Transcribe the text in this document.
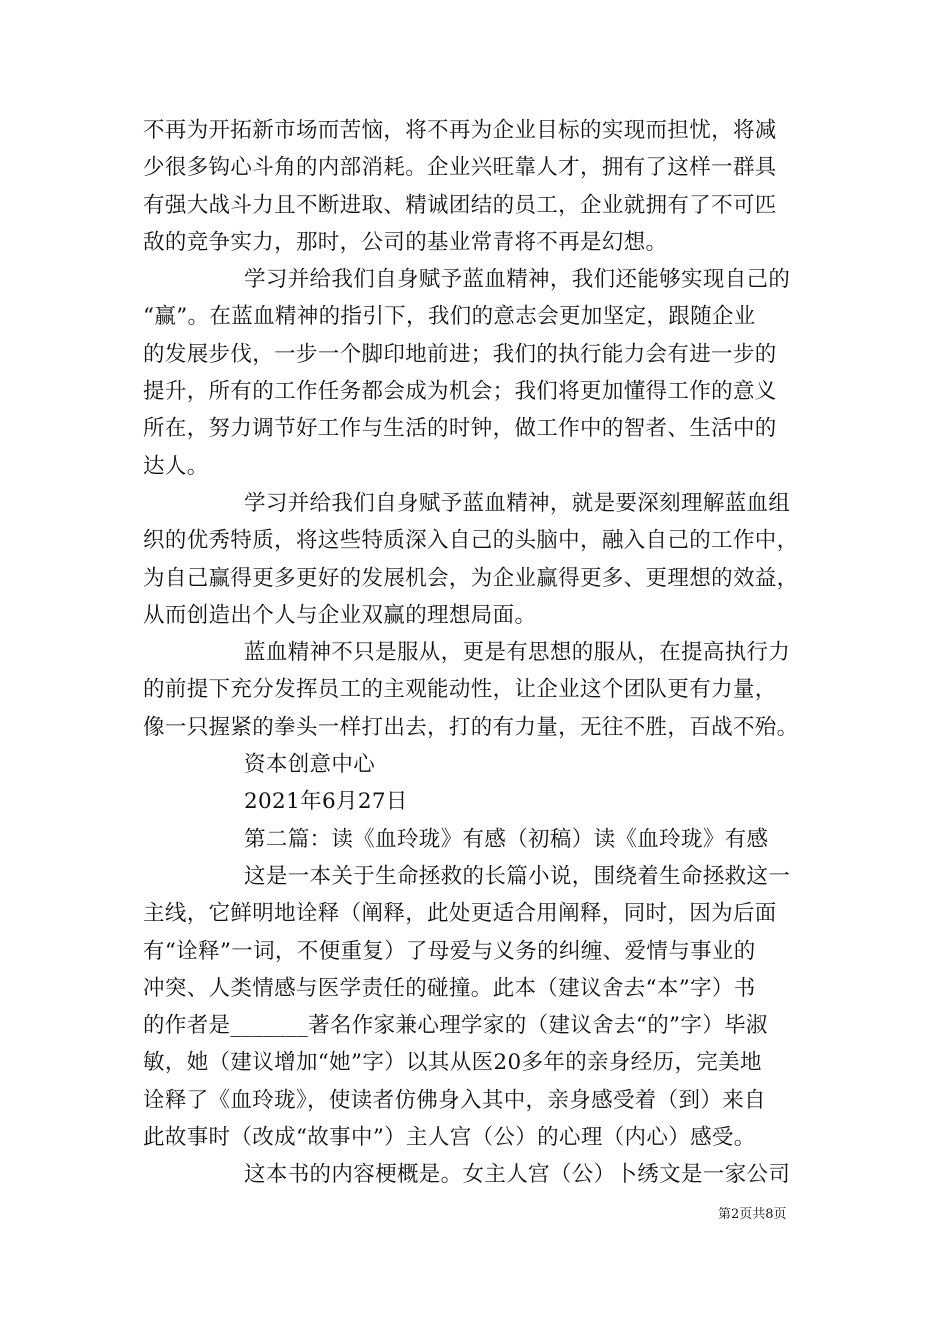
不再为开拓新市场而苦恼，将不再为企业目标的实现而担忧，将减
少很多钩心斗角的内部消耗。企业兴旺靠人才，拥有了这样一群具
有强大战斗力且不断进取、精诚团结的员工，企业就拥有了不可匹
敌的竞争实力，那时，公司的基业常青将不再是幻想。
学习并给我们自身赋予蓝血精神，我们还能够实现自己的
“赢”。在蓝血精神的指引下，我们的意志会更加坚定，跟随企业
的发展步伐，一步一个脚印地前进；我们的执行能力会有进一步的
提升，所有的工作任务都会成为机会；我们将更加懂得工作的意义
所在，努力调节好工作与生活的时钟，做工作中的智者、生活中的
达人。
学习并给我们自身赋予蓝血精神，就是要深刻理解蓝血组
织的优秀特质，将这些特质深入自己的头脑中，融入自己的工作中，
为自己赢得更多更好的发展机会，为企业赢得更多、更理想的效益，
从而创造出个人与企业双赢的理想局面。
蓝血精神不只是服从，更是有思想的服从，在提高执行力
的前提下充分发挥员工的主观能动性，让企业这个团队更有力量，
像一只握紧的拳头一样打出去，打的有力量，无往不胜，百战不殆。
资本创意中心
2021年6月27日
第二篇：读《血玲珑》有感（初稿）读《血玲珑》有感
这是一本关于生命拯救的长篇小说，围绕着生命拯救这一
主线，它鲜明地诠释（阐释，此处更适合用阐释，同时，因为后面
有“诠释”一词，不便重复）了母爱与义务的纠缠、爱情与事业的
冲突、人类情感与医学责任的碰撞。此本（建议舍去“本”字）书
的作者是_______著名作家兼心理学家的（建议舍去“的”字）毕淑
敏，她（建议增加“她”字）以其从医20多年的亲身经历，完美地
诠释了《血玲珑》，使读者仿佛身入其中，亲身感受着（到）来自
此故事时（改成“故事中”）主人宫（公）的心理（内心）感受。
这本书的内容梗概是。女主人宫（公）卜绣文是一家公司
第2页共8页
